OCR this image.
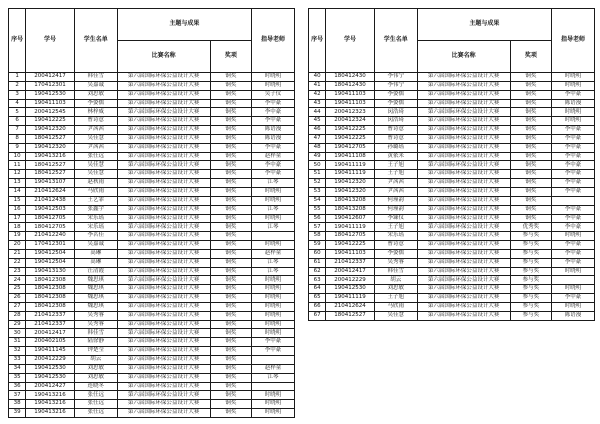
序号	学号	学生名单	主题与成果		指导老师
			比赛名称	奖项	
1	200412417	韩佳雪	第六届国际环保公益设计大赛	铜奖	时晓明
2	170412301	吴嘉诚	第六届国际环保公益设计大赛	铜奖	时晓明
3	190412530	刘思敏	第六届国际环保公益设计大赛	铜奖	吴子仪
4	190411103	李姿儒	第六届国际环保公益设计大赛	铜奖	李中豪
5	200412545	林梓威	第六届国际环保公益设计大赛	铜奖	李中豪
6	190412225	曹诗意	第六届国际环保公益设计大赛	铜奖	李中豪
7	190412320	尹茜茜	第六届国际环保公益设计大赛	铜奖	陈语漫
8	180412527	吴佳慧	第六届国际环保公益设计大赛	铜奖	陈语漫
9	190412320	尹茜茜	第六届国际环保公益设计大赛	铜奖	李中豪
10	190413216	张任远	第六届国际环保公益设计大赛	铜奖	赵梓童
11	180412527	吴佳慧	第六届国际环保公益设计大赛	铜奖	李中豪
12	180412527	吴佳慧	第六届国际环保公益设计大赛	铜奖	李中豪
13	190413107	赵秋雨	第六届国际环保公益设计大赛	铜奖	江琴
14	210412624	马欣雨	第六届国际环保公益设计大赛	铜奖	时晓明
15	210412438	王艺霏	第六届国际环保公益设计大赛	铜奖	时晓明
16	190412503	张鑫宇	第六届国际环保公益设计大赛	铜奖	江琴
17	180412705	宋乐瑶	第六届国际环保公益设计大赛	铜奖	时晓明
18	180412705	宋乐瑶	第六届国际环保公益设计大赛	铜奖	江琴
19	210412240	李茗佳	第六届国际环保公益设计大赛	铜奖	
20	170412301	吴嘉诚	第六届国际环保公益设计大赛	铜奖	时晓明
21	190412504	高琳	第六届国际环保公益设计大赛	铜奖	赵梓童
22	190412504	高琳	第六届国际环保公益设计大赛	铜奖	江琴
23	190413130	汪清霞	第六届国际环保公益设计大赛	铜奖	江琴
24	180412308	魏思琪	第六届国际环保公益设计大赛	铜奖	时晓明
25	180412308	魏思琪	第六届国际环保公益设计大赛	铜奖	时晓明
26	180412308	魏思琪	第六届国际环保公益设计大赛	铜奖	时晓明
27	180412308	魏思琪	第六届国际环保公益设计大赛	铜奖	时晓明
28	210412337	吴秀睿	第六届国际环保公益设计大赛	铜奖	时晓明
29	210412337	吴秀睿	第六届国际环保公益设计大赛	铜奖	时晓明
30	200412417	韩佳雪	第六届国际环保公益设计大赛	铜奖	时晓明
31	200402105	陆徐静	第六届国际环保公益设计大赛	铜奖	李中豪
32	190411145	钟楚莹	第六届国际环保公益设计大赛	铜奖	李中豪
33	200412229	胡云	第六届国际环保公益设计大赛	铜奖	
34	190412530	刘思敏	第六届国际环保公益设计大赛	铜奖	赵梓童
35	190412530	刘思敏	第六届国际环保公益设计大赛	铜奖	江琴
36	200412427	连晓冬	第六届国际环保公益设计大赛	铜奖	
37	190413216	张任远	第六届国际环保公益设计大赛	铜奖	时晓明
38	190413216	张任远	第六届国际环保公益设计大赛	铜奖	时晓明
39	190413216	张任远	第六届国际环保公益设计大赛	铜奖	时晓明
序号	学号	学生名单	主题与成果		指导老师
			比赛名称	奖项	
40	180412430	李伟宁	第六届国际环保公益设计大赛	铜奖	时晓明
41	180412430	李伟宁	第六届国际环保公益设计大赛	铜奖	时晓明
42	190411103	李姿儒	第六届国际环保公益设计大赛	铜奖	李中豪
43	190411103	李姿儒	第六届国际环保公益设计大赛	铜奖	陈语漫
44	200412323	闵浩琦	第六届国际环保公益设计大赛	铜奖	时晓明
45	200412324	闵浩琦	第六届国际环保公益设计大赛	铜奖	时晓明
46	190412225	曹诗意	第六届国际环保公益设计大赛	铜奖	李中豪
47	190412225	曹诗意	第六届国际环保公益设计大赛	铜奖	李中豪
48	190412705	孙璐瑶	第六届国际环保公益设计大赛	铜奖	李中豪
49	190411108	黄依米	第六届国际环保公益设计大赛	铜奖	李中豪
50	190411119	王子旭	第六届国际环保公益设计大赛	铜奖	李中豪
51	190411119	王子旭	第六届国际环保公益设计大赛	铜奖	李中豪
52	190412320	尹茜茜	第六届国际环保公益设计大赛	铜奖	李中豪
53	190412320	尹茜茜	第六届国际环保公益设计大赛	铜奖	李中豪
54	180413208	何瑾韵	第六届国际环保公益设计大赛	铜奖	
55	180413208	何瑾韵	第六届国际环保公益设计大赛	铜奖	李中豪
56	190412607	李臻仪	第六届国际环保公益设计大赛	铜奖	李中豪
57	190411119	王子旭	第六届国际环保公益设计大赛	优秀奖	李中豪
58	180412705	宋乐瑶	第六届国际环保公益设计大赛	参与奖	时晓明
59	190412225	曹诗意	第六届国际环保公益设计大赛	参与奖	李中豪
60	190411103	李姿儒	第六届国际环保公益设计大赛	参与奖	李中豪
61	210412337	吴秀睿	第六届国际环保公益设计大赛	参与奖	李中豪
62	200412417	韩佳雪	第六届国际环保公益设计大赛	参与奖	时晓明
63	200412229	胡云	第六届国际环保公益设计大赛	参与奖	
64	190412530	刘思敏	第六届国际环保公益设计大赛	参与奖	时晓明
65	190411119	王子旭	第六届国际环保公益设计大赛	参与奖	李中豪
66	210412624	马欣雨	第六届国际环保公益设计大赛	参与奖	时晓明
67	180412527	吴佳慧	第六届国际环保公益设计大赛	参与奖	陈语漫
